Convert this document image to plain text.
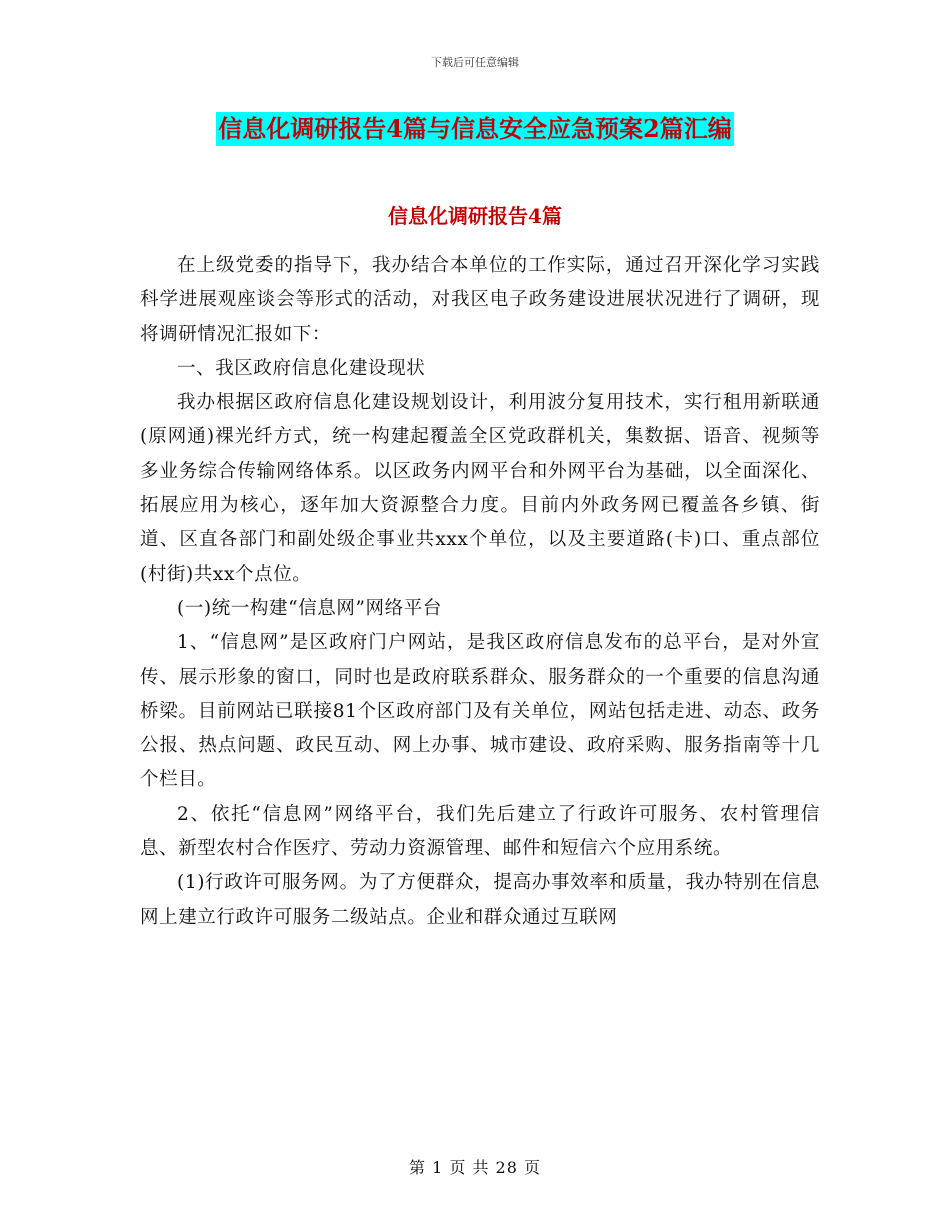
下载后可任意编辑
信息化调研报告4篇与信息安全应急预案2篇汇编
信息化调研报告4篇

在上级党委的指导下，我办结合本单位的工作实际，通过召开深化学习实践科学进展观座谈会等形式的活动，对我区电子政务建设进展状况进行了调研，现将调研情况汇报如下：

一、我区政府信息化建设现状

我办根据区政府信息化建设规划设计，利用波分复用技术，实行租用新联通(原网通)裸光纤方式，统一构建起覆盖全区党政群机关，集数据、语音、视频等多业务综合传输网络体系。以区政务内网平台和外网平台为基础，以全面深化、拓展应用为核心，逐年加大资源整合力度。目前内外政务网已覆盖各乡镇、街道、区直各部门和副处级企事业共xxx个单位，以及主要道路(卡)口、重点部位(村街)共xx个点位。

(一)统一构建“信息网”网络平台

1、“信息网”是区政府门户网站，是我区政府信息发布的总平台，是对外宣传、展示形象的窗口，同时也是政府联系群众、服务群众的一个重要的信息沟通桥梁。目前网站已联接81个区政府部门及有关单位，网站包括走进、动态、政务公报、热点问题、政民互动、网上办事、城市建设、政府采购、服务指南等十几个栏目。

2、依托“信息网”网络平台，我们先后建立了行政许可服务、农村管理信息、新型农村合作医疗、劳动力资源管理、邮件和短信六个应用系统。

(1)行政许可服务网。为了方便群众，提高办事效率和质量，我办特别在信息网上建立行政许可服务二级站点。企业和群众通过互联网

第 1 页 共 28 页
